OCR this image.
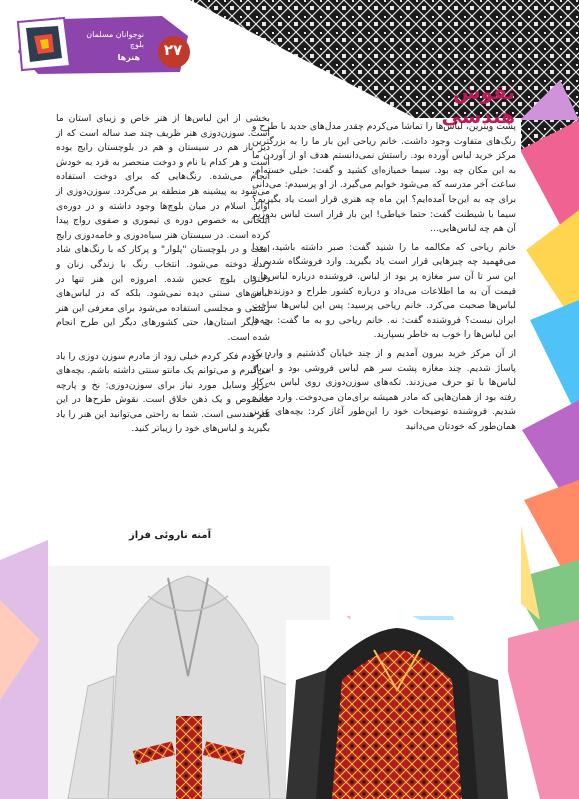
نوجوانان مسلمان بلوچ
هنرها	۲۷
نقوش هندسی

پشت ویترین، لباس‌ها را تماشا می‌کردم چقدر مدل‌های جدید با طرح و رنگ‌های متفاوت وجود داشت. خانم ریاحی این بار ما را به بزرگترین مرکز خرید لباس آورده بود. راستش نمی‌دانستم هدف او از آوردن ما به این مکان چه بود. سیما خمیازه‌ای کشید و گفت: خیلی خسته‌ام. ساعت آخر مدرسه که می‌شود خوابم می‌گیرد. از او پرسیدم: می‌دانی برای چه به این‌جا آمده‌ایم؟ این ماه چه هنری قرار است یاد بگیریم؟ سیما با شیطنت گفت: حتما خیاطی! این بار قرار است لباس بدوزیم آن هم چه لباس‌هایی...

خانم ریاحی که مکالمه ما را شنید گفت: صبر داشته باشید، بعدا می‌فهمید چه چیزهایی قرار است یاد بگیرید. وارد فروشگاه شدیم از این سر تا آن سر مغازه پر بود از لباس. فروشنده درباره لباس‌ها و قیمت آن به ما اطلاعات می‌داد و درباره کشور طراح و دوزنده این لباس‌ها صحبت می‌کرد. خانم ریاحی پرسید: پس این لباس‌ها ساخت ایران نیست؟ فروشنده گفت: نه. خانم ریاحی رو به ما گفت: بچه‌ها این لباس‌ها را خوب به خاطر بسپارید.

از آن مرکز خرید بیرون آمدیم و از چند خیابان گذشتیم و وارد یک پاساژ شدیم. چند مغازه پشت سر هم لباس فروشی بود و این‌بار لباس‌ها با تو حرف می‌زدند. تکه‌های سوزن‌دوزی روی لباس به کار رفته بود از همان‌هایی که مادر همیشه برای‌مان می‌دوخت. وارد مغازه شدیم. فروشنده توضیحات خود را این‌طور آغاز کرد: بچه‌های عزیز همان‌طور که خودتان می‌دانید

بخشی از این لباس‌ها از هنر خاص و زیبای استان ما است. سوزن‌دوزی هنر ظریف چند صد ساله است که از دیر باز هم در سیستان و هم در بلوچستان رایج بوده است و هر کدام با نام و دوخت منحصر به فرد به خودش انجام می‌شده. رنگ‌هایی که برای دوخت استفاده می‌شود به پیشینه هر منطقه بر می‌گردد. سوزن‌دوزی از اوایل اسلام در میان بلوچ‌ها وجود داشته و در دوره‌ی ایلخانی به خصوص دوره ی تیموری و صفوی رواج پیدا کرده است. در سیستان هنر سیاه‌دوزی و خامه‌دوزی رایج است و در بلوچستان "پلوار" و پرکار که با رنگ‌های شاد زنده دوخته می‌شود. انتخاب رنگ با زندگی زنان و دختران بلوچ عجین شده. امروزه این هنر تنها در لباس‌های سنتی دیده نمی‌شود. بلکه که در لباس‌های رسمی و مجلسی استفاده می‌شود برای معرفی این هنر به دیگر استان‌ها، حتی کشورهای دیگر این طرح انجام شده است.

با خودم فکر کردم خیلی زود از مادرم سوزن دوزی را یاد می‌گیرم و می‌توانم یک مانتو سنتی داشته باشم. بچه‌های عزیز وسایل مورد نیاز برای سوزن‌دوزی: نخ و پارچه مخصوص و یک ذهن خلاق است. نقوش طرح‌ها در این هنر هندسی است. شما به راحتی می‌توانید این هنر را یاد بگیرید و لباس‌های خود را زیباتر کنید.

آمنه ناروئی فراز
